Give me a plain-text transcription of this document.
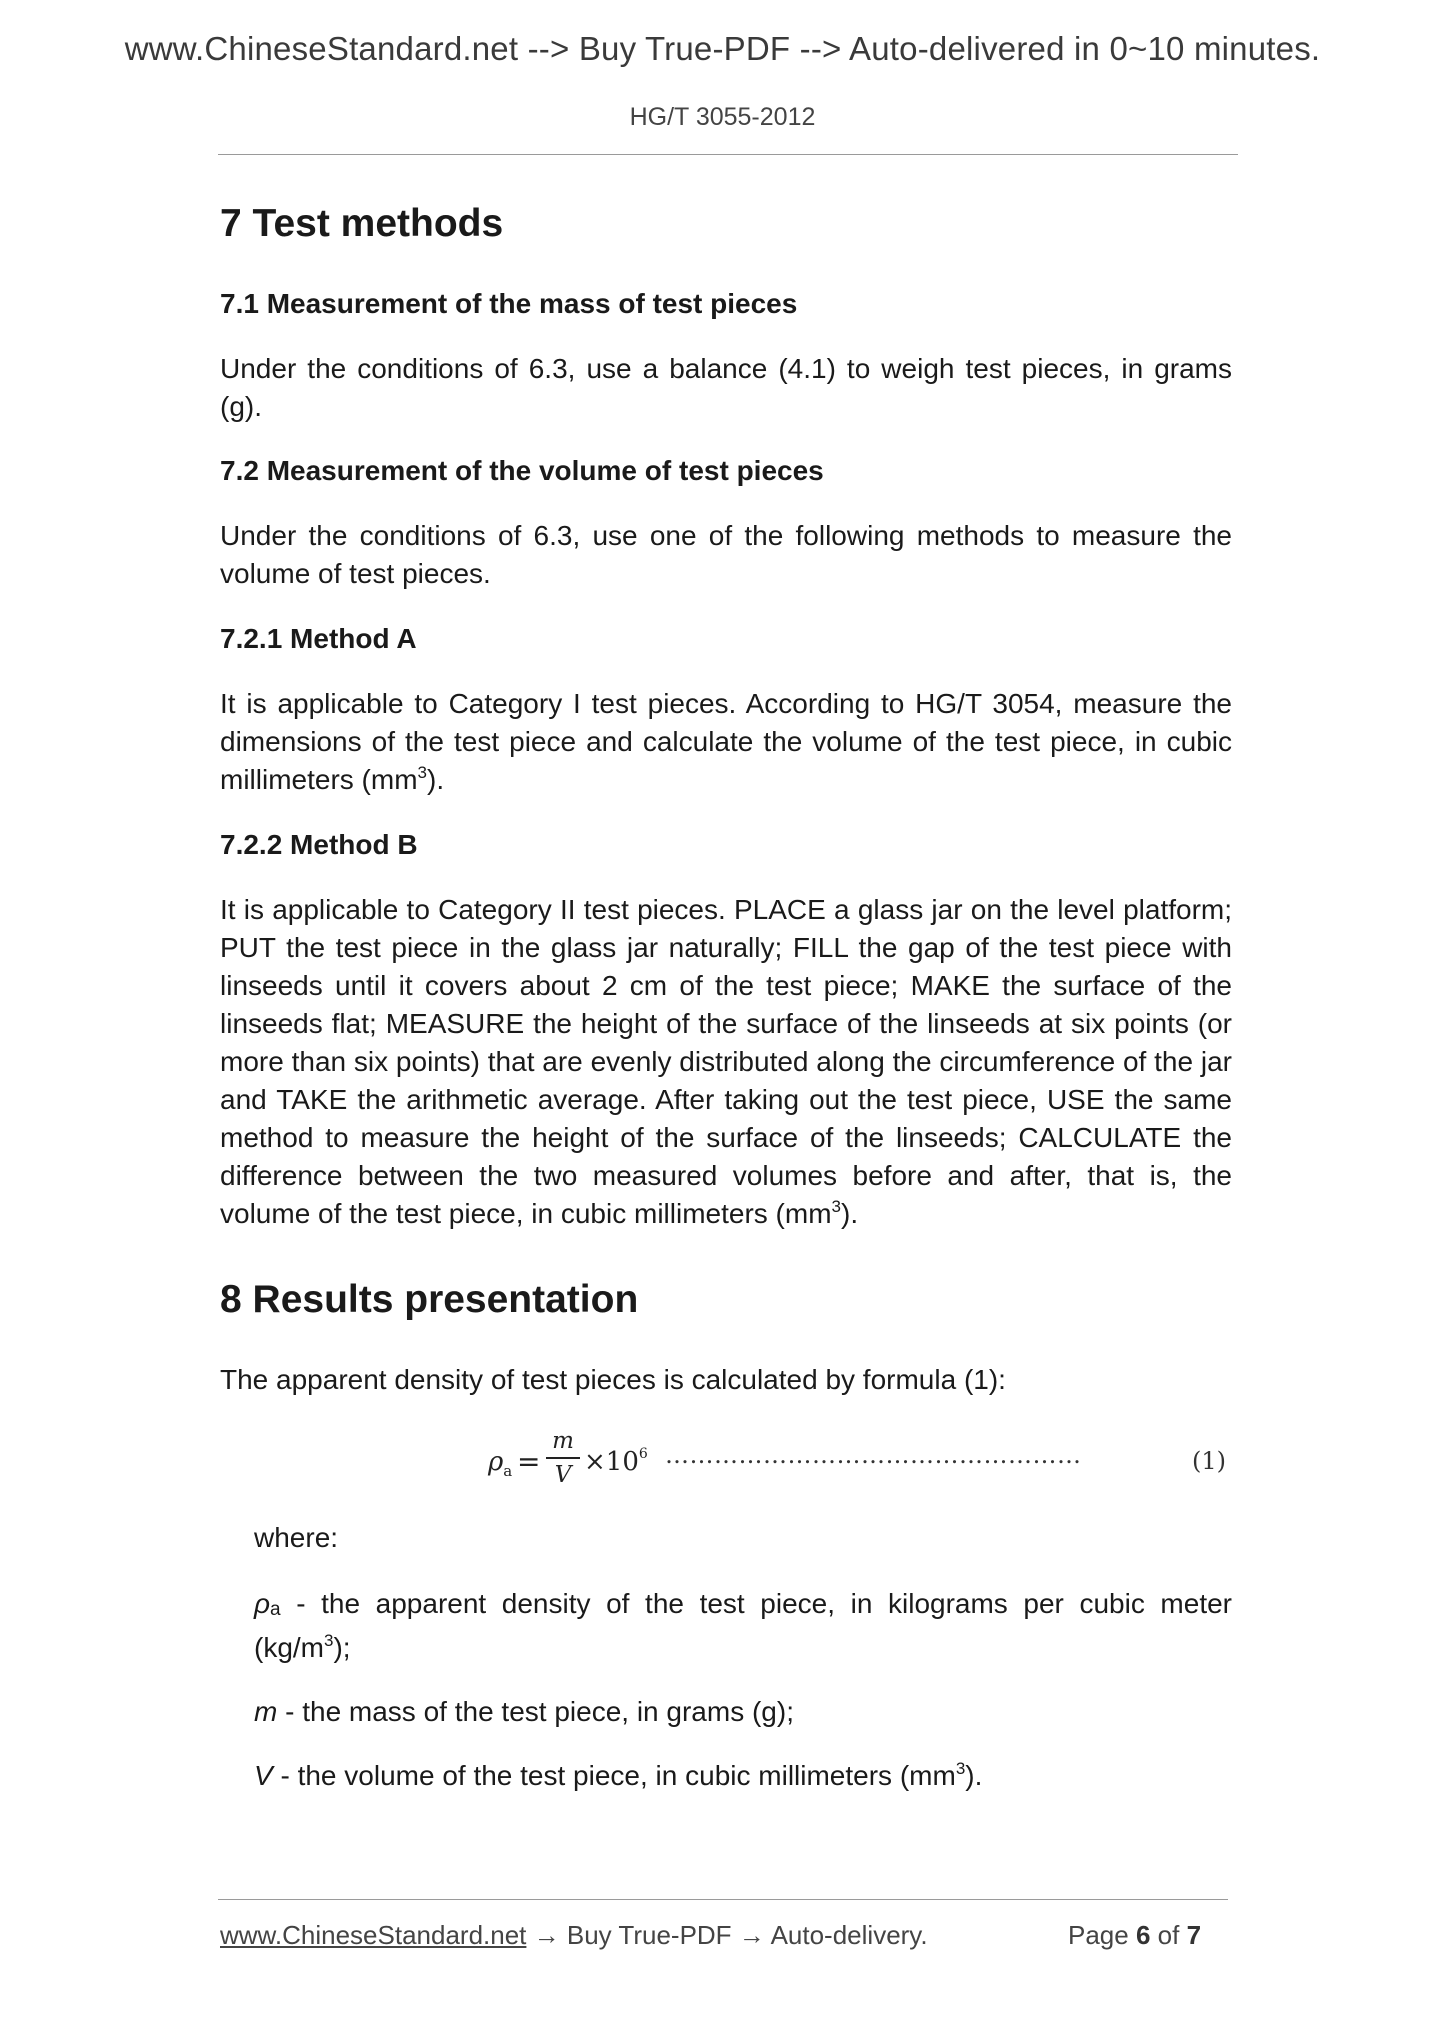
www.ChineseStandard.net --> Buy True-PDF --> Auto-delivered in 0~10 minutes.
HG/T 3055-2012
7 Test methods
7.1 Measurement of the mass of test pieces

Under the conditions of 6.3, use a balance (4.1) to weigh test pieces, in grams (g).

7.2 Measurement of the volume of test pieces

Under the conditions of 6.3, use one of the following methods to measure the volume of test pieces.

7.2.1 Method A

It is applicable to Category I test pieces. According to HG/T 3054, measure the dimensions of the test piece and calculate the volume of the test piece, in cubic millimeters $(mm^3)$.

7.2.2 Method B

It is applicable to Category II test pieces. PLACE a glass jar on the level platform; PUT the test piece in the glass jar naturally; FILL the gap of the test piece with linseeds until it covers about 2 cm of the test piece; MAKE the surface of the linseeds flat; MEASURE the height of the surface of the linseeds at six points (or more than six points) that are evenly distributed along the circumference of the jar and TAKE the arithmetic average. After taking out the test piece, USE the same method to measure the height of the surface of the linseeds; CALCULATE the difference between the two measured volumes before and after, that is, the volume of the test piece, in cubic millimeters $(mm^3)$.

8 Results presentation

The apparent density of test pieces is calculated by formula (1):

$\rho_a$ =
m
$V \times 10^6$ ……………………………………………	(1)

where:

ρa - the apparent density of the test piece, in kilograms per cubic meter $(kg/m^3)$;

m - the mass of the test piece, in grams (g);

V - the volume of the test piece, in cubic millimeters $(mm^3)$.

www.ChineseStandard.net → Buy True-PDF → Auto-delivery.	Page 6 of 7
